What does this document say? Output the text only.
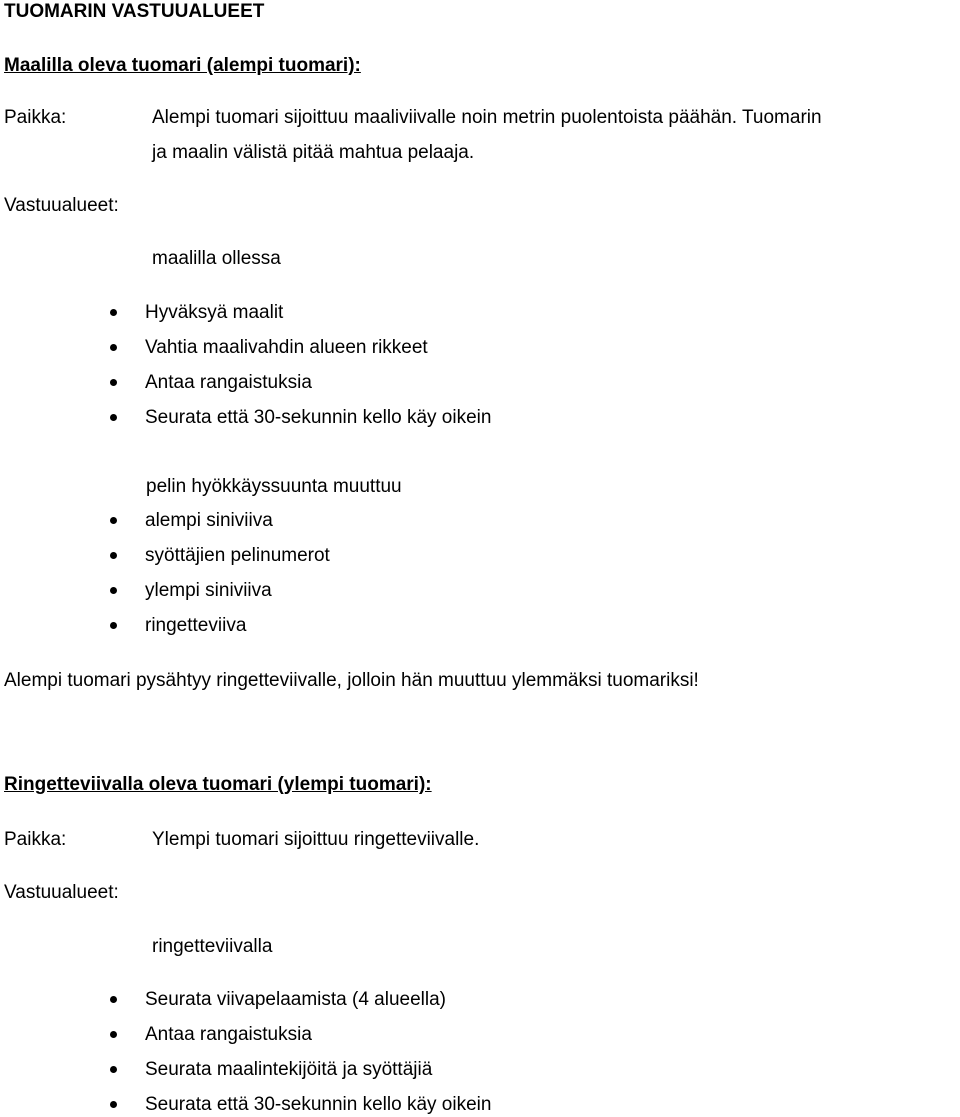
TUOMARIN VASTUUALUEET
Maalilla oleva tuomari (alempi tuomari):
Paikka:	Alempi tuomari sijoittuu maaliviivalle noin metrin puolentoista päähän. Tuomarin
ja maalin välistä pitää mahtua pelaaja.
Vastuualueet:
maalilla ollessa
Hyväksyä maalit
Vahtia maalivahdin alueen rikkeet
Antaa rangaistuksia
Seurata että 30-sekunnin kello käy oikein
pelin hyökkäyssuunta muuttuu
alempi siniviiva
syöttäjien pelinumerot
ylempi siniviiva
ringetteviiva
Alempi tuomari pysähtyy ringetteviivalle, jolloin hän muuttuu ylemmäksi tuomariksi!
Ringetteviivalla oleva tuomari (ylempi tuomari):
Paikka:	Ylempi tuomari sijoittuu ringetteviivalle.
Vastuualueet:
ringetteviivalla
Seurata viivapelaamista (4 alueella)
Antaa rangaistuksia
Seurata maalintekijöitä ja syöttäjiä
Seurata että 30-sekunnin kello käy oikein
